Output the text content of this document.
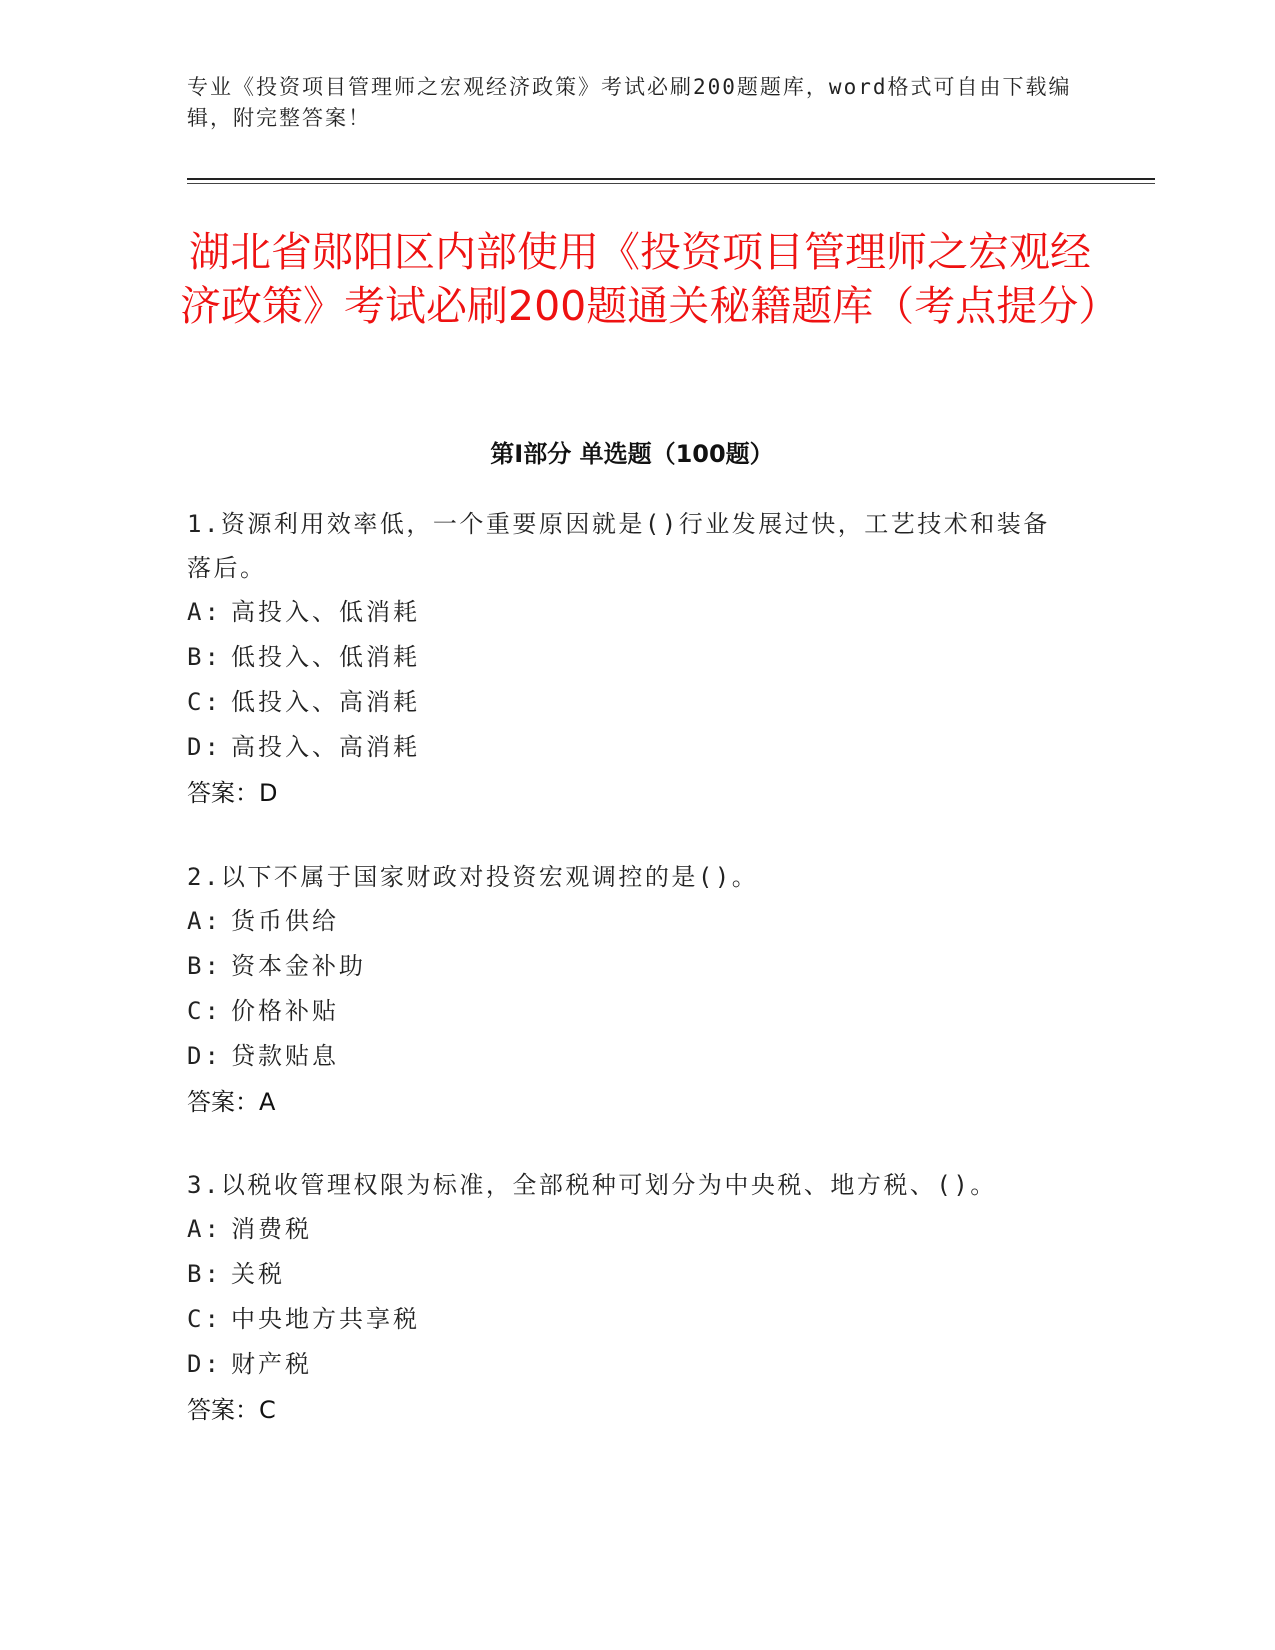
专业《投资项目管理师之宏观经济政策》考试必刷200题题库，word格式可自由下载编辑，附完整答案！
湖北省郧阳区内部使用《投资项目管理师之宏观经济政策》考试必刷200题通关秘籍题库（考点提分）
第Ⅰ部分 单选题（100题）

1.资源利用效率低，一个重要原因就是()行业发展过快，工艺技术和装备落后。

A: 高投入、低消耗

B: 低投入、低消耗

C: 低投入、高消耗

D: 高投入、高消耗

答案：D

2.以下不属于国家财政对投资宏观调控的是()。

A: 货币供给

B: 资本金补助

C: 价格补贴

D: 贷款贴息

答案：A

3.以税收管理权限为标准，全部税种可划分为中央税、地方税、()。

A: 消费税

B: 关税

C: 中央地方共享税

D: 财产税

答案：C
